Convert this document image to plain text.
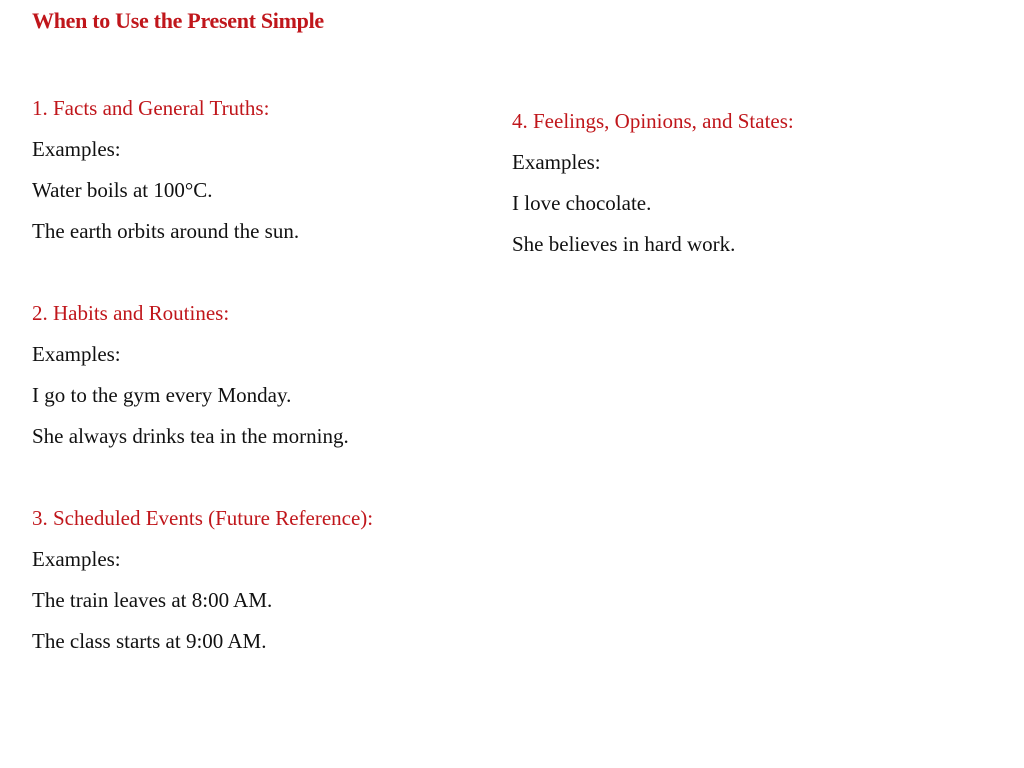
When to Use the Present Simple
1. Facts and General Truths:
Examples:
Water boils at 100°C.
The earth orbits around the sun.
2. Habits and Routines:
Examples:
I go to the gym every Monday.
She always drinks tea in the morning.
3. Scheduled Events (Future Reference):
Examples:
The train leaves at 8:00 AM.
The class starts at 9:00 AM.
4. Feelings, Opinions, and States:
Examples:
I love chocolate.
She believes in hard work.
